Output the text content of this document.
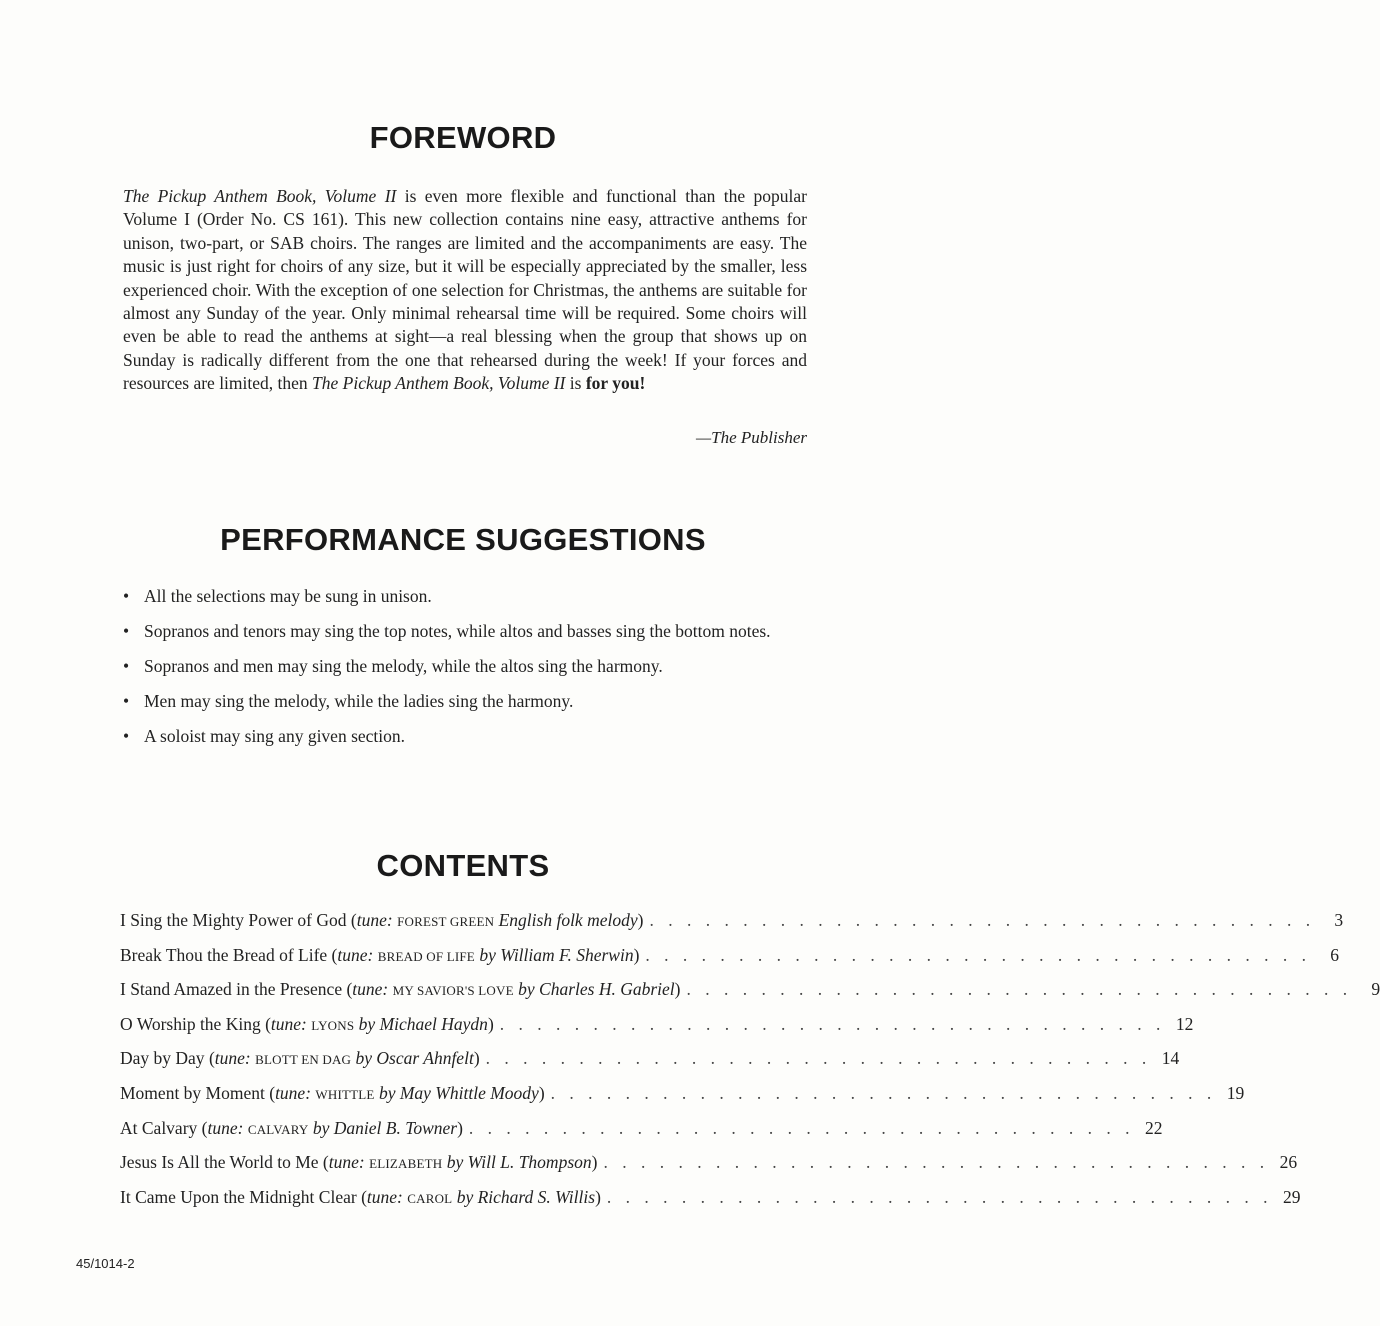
FOREWORD

The Pickup Anthem Book, Volume II is even more flexible and functional than the popular Volume I (Order No. CS 161). This new collection contains nine easy, attractive anthems for unison, two-part, or SAB choirs. The ranges are limited and the accompaniments are easy. The music is just right for choirs of any size, but it will be especially appreciated by the smaller, less experienced choir. With the exception of one selection for Christmas, the anthems are suitable for almost any Sunday of the year. Only minimal rehearsal time will be required. Some choirs will even be able to read the anthems at sight—a real blessing when the group that shows up on Sunday is radically different from the one that rehearsed during the week! If your forces and resources are limited, then The Pickup Anthem Book, Volume II is for you!

—The Publisher
PERFORMANCE SUGGESTIONS
• All the selections may be sung in unison.
• Sopranos and tenors may sing the top notes, while altos and basses sing the bottom notes.
• Sopranos and men may sing the melody, while the altos sing the harmony.
• Men may sing the melody, while the ladies sing the harmony.
• A soloist may sing any given section.
CONTENTS
I Sing the Mighty Power of God (tune: FOREST GREEN English folk melody) . . . . . . . . . . . . . . . . . . . . . . . . . . . . . . . . . . . .	3
Break Thou the Bread of Life (tune: BREAD OF LIFE by William F. Sherwin) . . . . . . . . . . . . . . . . . . . . . . . . . . . . . . . . . . . .	6
I Stand Amazed in the Presence (tune: MY SAVIOR'S LOVE by Charles H. Gabriel) . . . . . . . . . . . . . . . . . . . . . . . . . . . . . . . . . . . .	9
O Worship the King (tune: LYONS by Michael Haydn) . . . . . . . . . . . . . . . . . . . . . . . . . . . . . . . . . . . . 12
Day by Day (tune: BLOTT EN DAG by Oscar Ahnfelt) . . . . . . . . . . . . . . . . . . . . . . . . . . . . . . . . . . . . 14
Moment by Moment (tune: WHITTLE by May Whittle Moody) . . . . . . . . . . . . . . . . . . . . . . . . . . . . . . . . . . . . 19
At Calvary (tune: CALVARY by Daniel B. Towner) . . . . . . . . . . . . . . . . . . . . . . . . . . . . . . . . . . . . 22
Jesus Is All the World to Me (tune: ELIZABETH by Will L. Thompson) . . . . . . . . . . . . . . . . . . . . . . . . . . . . . . . . . . . . 26
It Came Upon the Midnight Clear (tune: CAROL by Richard S. Willis) . . . . . . . . . . . . . . . . . . . . . . . . . . . . . . . . . . . . 29
45/1014-2
